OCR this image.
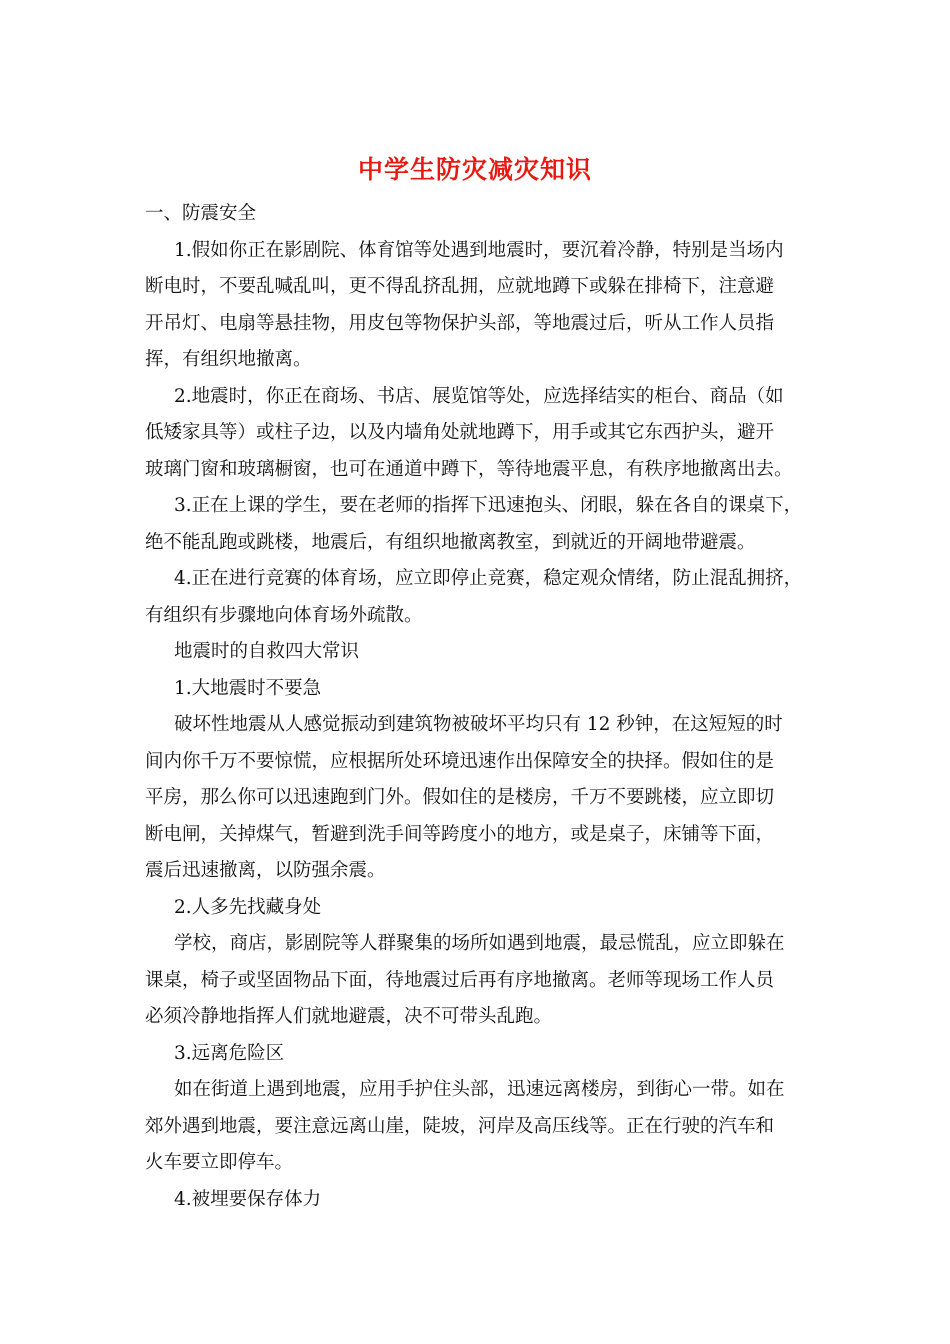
中学生防灾减灾知识
一、防震安全
1.假如你正在影剧院、体育馆等处遇到地震时，要沉着冷静，特别是当场内
断电时，不要乱喊乱叫，更不得乱挤乱拥，应就地蹲下或躲在排椅下，注意避
开吊灯、电扇等悬挂物，用皮包等物保护头部，等地震过后，听从工作人员指
挥，有组织地撤离。
2.地震时，你正在商场、书店、展览馆等处，应选择结实的柜台、商品（如
低矮家具等）或柱子边，以及内墙角处就地蹲下，用手或其它东西护头，避开
玻璃门窗和玻璃橱窗，也可在通道中蹲下，等待地震平息，有秩序地撤离出去。
3.正在上课的学生，要在老师的指挥下迅速抱头、闭眼，躲在各自的课桌下，
绝不能乱跑或跳楼，地震后，有组织地撤离教室，到就近的开阔地带避震。
4.正在进行竞赛的体育场，应立即停止竞赛，稳定观众情绪，防止混乱拥挤，
有组织有步骤地向体育场外疏散。
地震时的自救四大常识
1.大地震时不要急
破坏性地震从人感觉振动到建筑物被破坏平均只有 12 秒钟，在这短短的时
间内你千万不要惊慌，应根据所处环境迅速作出保障安全的抉择。假如住的是
平房，那么你可以迅速跑到门外。假如住的是楼房，千万不要跳楼，应立即切
断电闸，关掉煤气，暂避到洗手间等跨度小的地方，或是桌子，床铺等下面，
震后迅速撤离，以防强余震。
2.人多先找藏身处
学校，商店，影剧院等人群聚集的场所如遇到地震，最忌慌乱，应立即躲在
课桌，椅子或坚固物品下面，待地震过后再有序地撤离。老师等现场工作人员
必须冷静地指挥人们就地避震，决不可带头乱跑。
3.远离危险区
如在街道上遇到地震，应用手护住头部，迅速远离楼房，到街心一带。如在
郊外遇到地震，要注意远离山崖，陡坡，河岸及高压线等。正在行驶的汽车和
火车要立即停车。
4.被埋要保存体力
